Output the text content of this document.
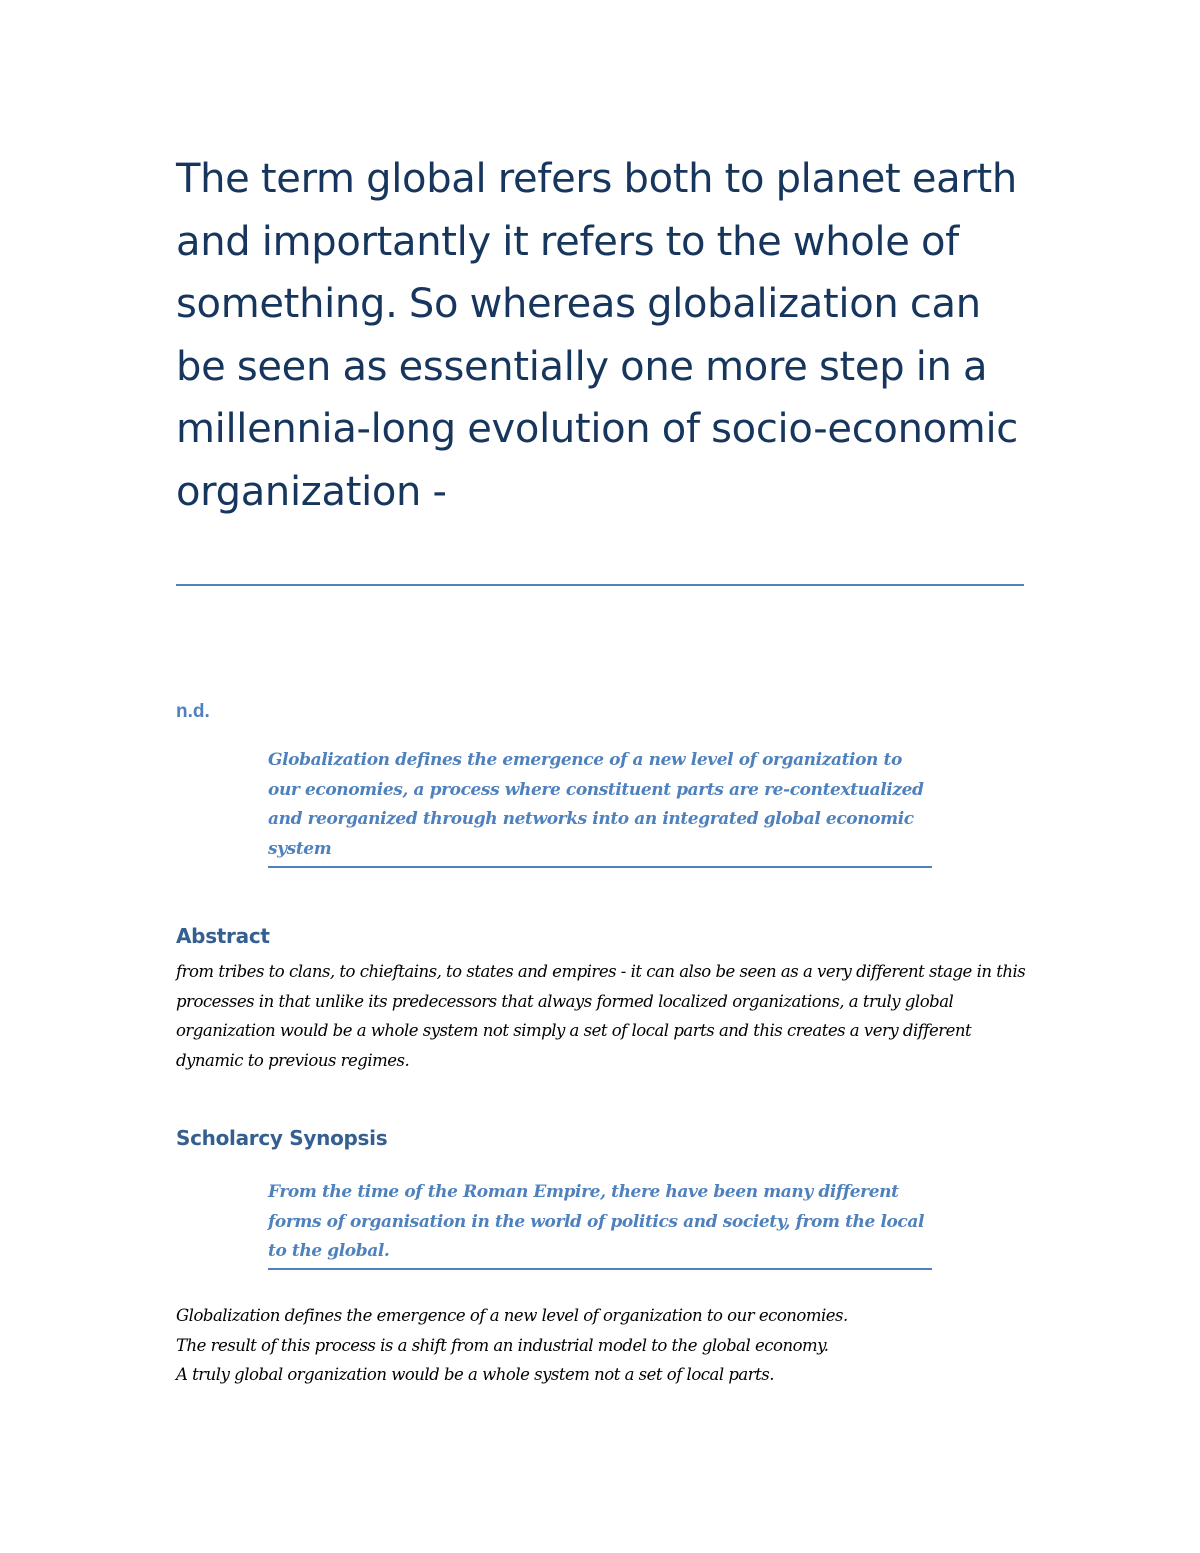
The term global refers both to planet earth and importantly it refers to the whole of something. So whereas globalization can be seen as essentially one more step in a millennia-long evolution of socio-economic organization -
n.d.
Globalization defines the emergence of a new level of organization to our economies, a process where constituent parts are re-contextualized and reorganized through networks into an integrated global economic system
Abstract
from tribes to clans, to chieftains, to states and empires - it can also be seen as a very different stage in this processes in that unlike its predecessors that always formed localized organizations, a truly global organization would be a whole system not simply a set of local parts and this creates a very different dynamic to previous regimes.
Scholarcy Synopsis
From the time of the Roman Empire, there have been many different forms of organisation in the world of politics and society, from the local to the global.
Globalization defines the emergence of a new level of organization to our economies.
The result of this process is a shift from an industrial model to the global economy.
A truly global organization would be a whole system not a set of local parts.
